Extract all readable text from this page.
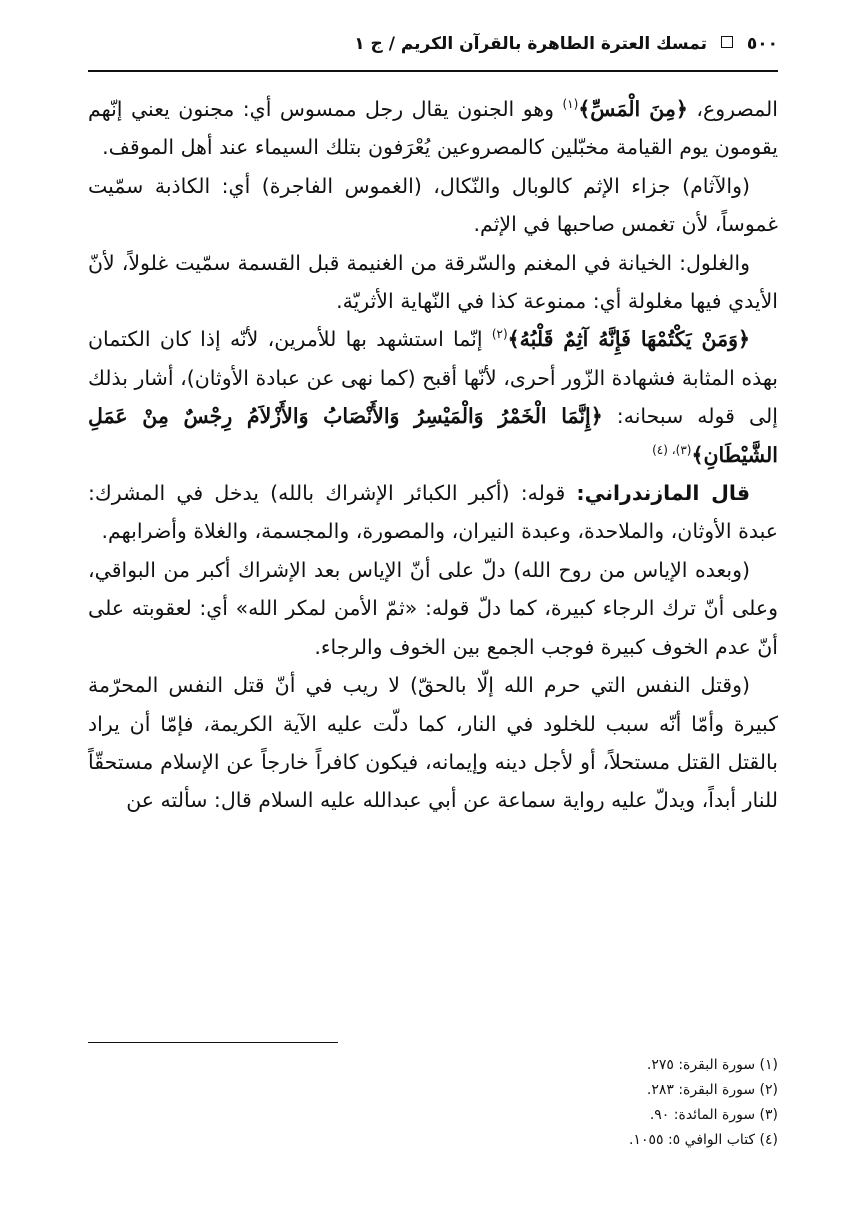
٥٠٠  تمسك العترة الطاهرة بالقرآن الكريم / ج ١

المصروع، ﴿مِنَ الْمَسِّ﴾$^{(١)}$ وهو الجنون يقال رجل ممسوس أي: مجنون يعني إنّهم يقومون يوم القيامة مخبّلين كالمصروعين يُعْرَفون بتلك السيماء عند أهل الموقف.

(والآثام) جزاء الإثم كالوبال والنّكال، (الغموس الفاجرة) أي: الكاذبة سمّيت غموساً، لأن تغمس صاحبها في الإثم.

والغلول: الخيانة في المغنم والسّرقة من الغنيمة قبل القسمة سمّيت غلولاً، لأنّ الأيدي فيها مغلولة أي: ممنوعة كذا في النّهاية الأثريّة.

﴿وَمَنْ يَكْتُمْهَا فَإِنَّهُ آثِمٌ قَلْبُهُ﴾$^{(٢)}$ إنّما استشهد بها للأمرين، لأنّه إذا كان الكتمان بهذه المثابة فشهادة الزّور أحرى، لأنّها أقبح (كما نهى عن عبادة الأوثان)، أشار بذلك إلى قوله سبحانه: ﴿إِنَّمَا الْخَمْرُ وَالْمَيْسِرُ وَالأَنْصَابُ وَالأَزْلاَمُ رِجْسٌ مِنْ عَمَلِ الشَّيْطَانِ﴾$^{(٣)، (٤)}$

قال المازندراني: قوله: (أكبر الكبائر الإشراك بالله) يدخل في المشرك: عبدة الأوثان، والملاحدة، وعبدة النيران، والمصورة، والمجسمة، والغلاة وأضرابهم.

(وبعده الإياس من روح الله) دلّ على أنّ الإياس بعد الإشراك أكبر من البواقي، وعلى أنّ ترك الرجاء كبيرة، كما دلّ قوله: «ثمّ الأمن لمكر الله» أي: لعقوبته على أنّ عدم الخوف كبيرة فوجب الجمع بين الخوف والرجاء.

(وقتل النفس التي حرم الله إلّا بالحقّ) لا ريب في أنّ قتل النفس المحرّمة كبيرة وأمّا أنّه سبب للخلود في النار، كما دلّت عليه الآية الكريمة، فإمّا أن يراد بالقتل القتل مستحلاً، أو لأجل دينه وإيمانه، فيكون كافراً خارجاً عن الإسلام مستحقّاً للنار أبداً، ويدلّ عليه رواية سماعة عن أبي عبدالله عليه السلام قال: سألته عن

(١) سورة البقرة: ٢٧٥.
(٢) سورة البقرة: ٢٨٣.
(٣) سورة المائدة: ٩٠.
(٤) كتاب الوافي ٥: ١٠٥٥.
